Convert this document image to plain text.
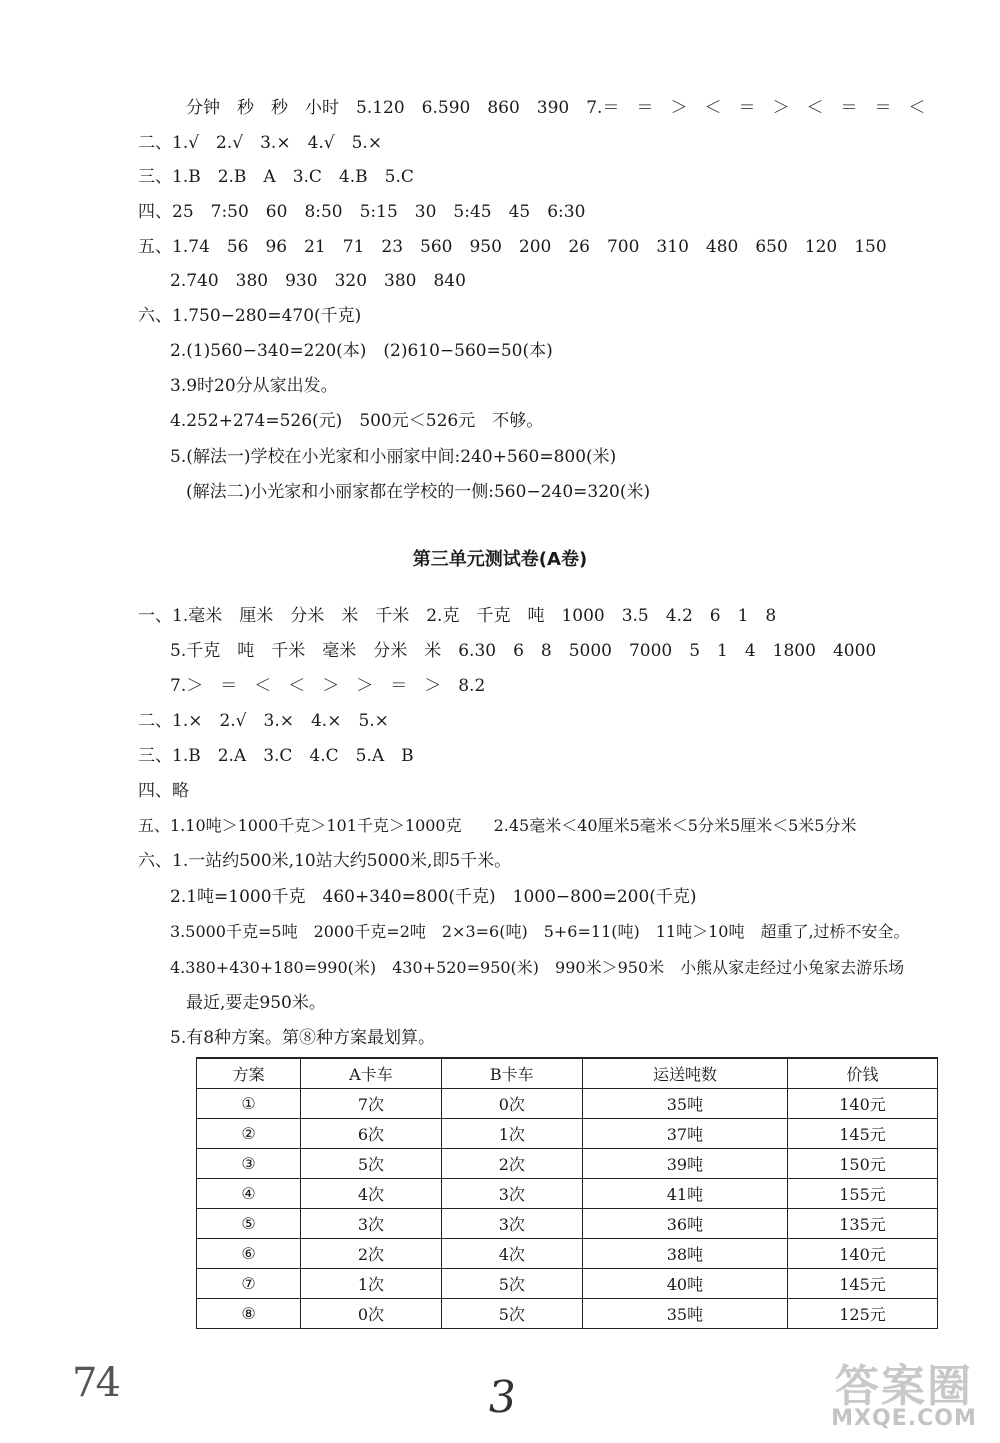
分钟　秒　秒　小时　5.120　6.590　860　390　7.＝　＝　＞　＜　＝　＞　＜　＝　＝　＜
二、1.√　2.√　3.×　4.√　5.×
三、1.B　2.B　A　3.C　4.B　5.C
四、25　7:50　60　8:50　5:15　30　5:45　45　6:30
五、1.74　56　96　21　71　23　560　950　200　26　700　310　480　650　120　150
2.740　380　930　320　380　840
六、1.750−280=470(千克)
2.(1)560−340=220(本)　(2)610−560=50(本)
3.9时20分从家出发。
4.252+274=526(元)　500元＜526元　不够。
5.(解法一)学校在小光家和小丽家中间:240+560=800(米)
(解法二)小光家和小丽家都在学校的一侧:560−240=320(米)
第三单元测试卷(A卷)
一、1.毫米　厘米　分米　米　千米　2.克　千克　吨　1000　3.5　4.2　6　1　8
5.千克　吨　千米　毫米　分米　米　6.30　6　8　5000　7000　5　1　4　1800　4000
7.＞　＝　＜　＜　＞　＞　＝　＞　8.2
二、1.×　2.√　3.×　4.×　5.×
三、1.B　2.A　3.C　4.C　5.A　B
四、略
五、1.10吨＞1000千克＞101千克＞1000克　　2.45毫米＜40厘米5毫米＜5分米5厘米＜5米5分米
六、1.一站约500米,10站大约5000米,即5千米。
2.1吨=1000千克　460+340=800(千克)　1000−800=200(千克)
3.5000千克=5吨　2000千克=2吨　2×3=6(吨)　5+6=11(吨)　11吨＞10吨　超重了,过桥不安全。
4.380+430+180=990(米)　430+520=950(米)　990米＞950米　小熊从家走经过小兔家去游乐场
最近,要走950米。
5.有8种方案。第⑧种方案最划算。
方案	A卡车	B卡车	运送吨数	价钱
①	7次	0次	35吨	140元
②	6次	1次	37吨	145元
③	5次	2次	39吨	150元
④	4次	3次	41吨	155元
⑤	3次	3次	36吨	135元
⑥	2次	4次	38吨	140元
⑦	1次	5次	40吨	145元
⑧	0次	5次	35吨	125元
74	3	答案圈
MXQE.COM
